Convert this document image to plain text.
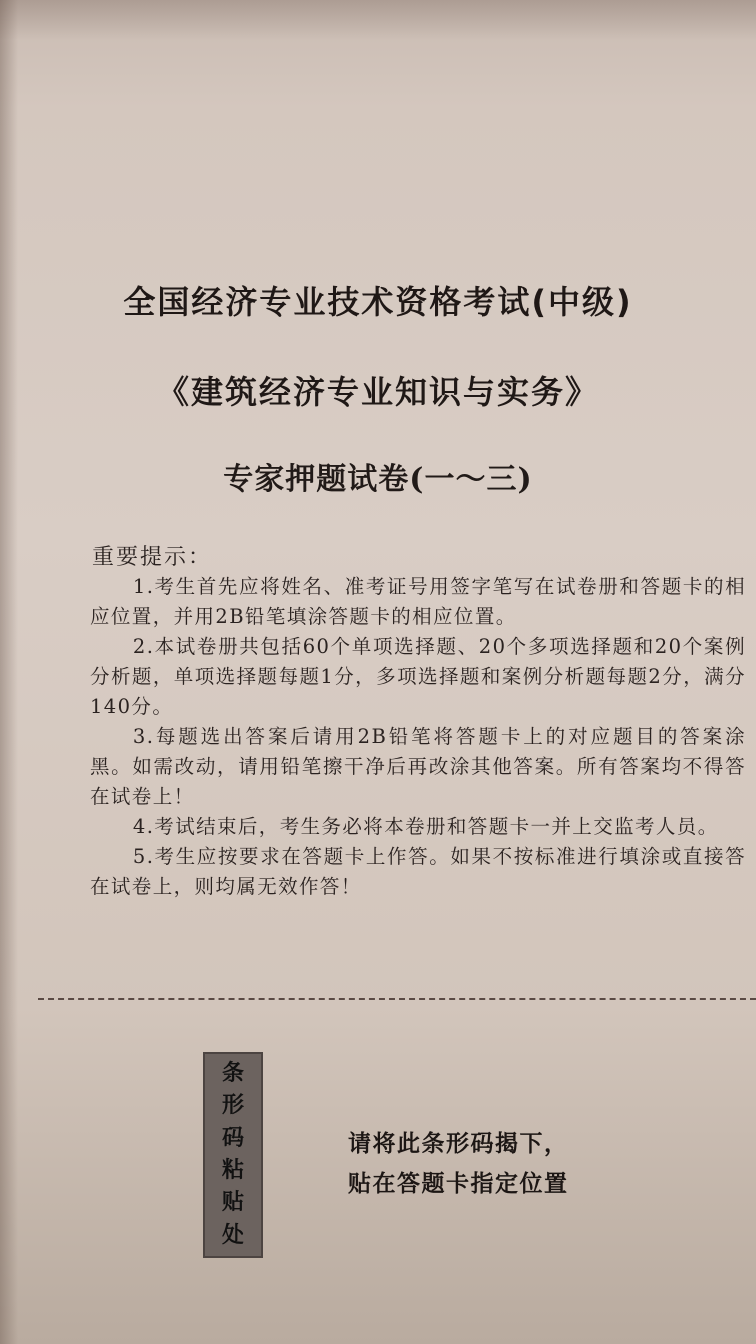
全国经济专业技术资格考试(中级)
《建筑经济专业知识与实务》
专家押题试卷(一～三)
重要提示：

1.考生首先应将姓名、准考证号用签字笔写在试卷册和答题卡的相应位置，并用2B铅笔填涂答题卡的相应位置。

2.本试卷册共包括60个单项选择题、20个多项选择题和20个案例分析题，单项选择题每题1分，多项选择题和案例分析题每题2分，满分140分。

3.每题选出答案后请用2B铅笔将答题卡上的对应题目的答案涂黑。如需改动，请用铅笔擦干净后再改涂其他答案。所有答案均不得答在试卷上！

4.考试结束后，考生务必将本卷册和答题卡一并上交监考人员。

5.考生应按要求在答题卡上作答。如果不按标准进行填涂或直接答在试卷上，则均属无效作答！

条
形
码
粘
贴
处
请将此条形码揭下，
贴在答题卡指定位置
